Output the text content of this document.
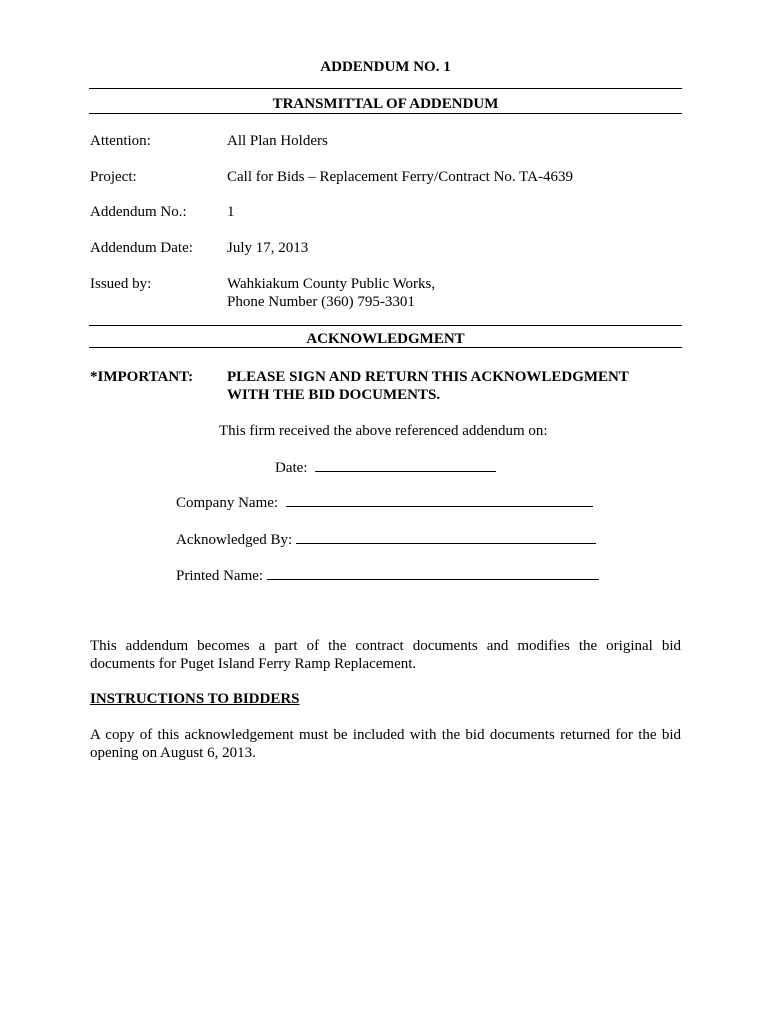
ADDENDUM NO. 1
TRANSMITTAL OF ADDENDUM
Attention:	All Plan Holders
Project:	Call for Bids – Replacement Ferry/Contract No. TA-4639
Addendum No.:	1
Addendum Date: July 17, 2013
Issued by:	Wahkiakum County Public Works,
Phone Number (360) 795-3301
ACKNOWLEDGMENT
*IMPORTANT: PLEASE SIGN AND RETURN THIS ACKNOWLEDGMENT
WITH THE BID DOCUMENTS.
This firm received the above referenced addendum on:
Date:
Company Name:
Acknowledged By:
Printed Name:
This addendum becomes a part of the contract documents and modifies the original bid documents for Puget Island Ferry Ramp Replacement.
INSTRUCTIONS TO BIDDERS
A copy of this acknowledgement must be included with the bid documents returned for the bid opening on August 6, 2013.
